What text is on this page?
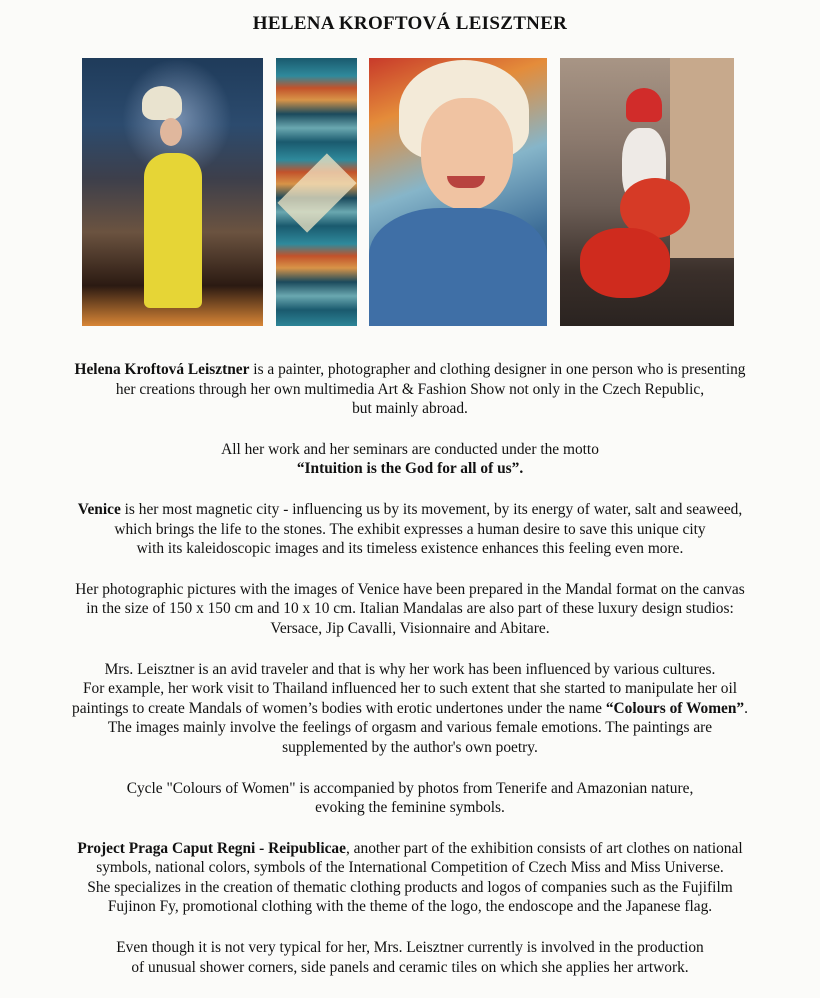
HELENA KROFTOVÁ LEISZTNER

Helena Kroftová Leisztner is a painter, photographer and clothing designer in one person who is presenting
her creations through her own multimedia Art & Fashion Show not only in the Czech Republic,
but mainly abroad.

All her work and her seminars are conducted under the motto
“Intuition is the God for all of us”.

Venice is her most magnetic city - influencing us by its movement, by its energy of water, salt and seaweed,
which brings the life to the stones. The exhibit expresses a human desire to save this unique city
with its kaleidoscopic images and its timeless existence enhances this feeling even more.

Her photographic pictures with the images of Venice have been prepared in the Mandal format on the canvas
in the size of 150 x 150 cm and 10 x 10 cm. Italian Mandalas are also part of these luxury design studios:
Versace, Jip Cavalli, Visionnaire and Abitare.

Mrs. Leisztner is an avid traveler and that is why her work has been influenced by various cultures.
For example, her work visit to Thailand influenced her to such extent that she started to manipulate her oil
paintings to create Mandals of women’s bodies with erotic undertones under the name “Colours of Women”.
The images mainly involve the feelings of orgasm and various female emotions. The paintings are
supplemented by the author's own poetry.

Cycle "Colours of Women" is accompanied by photos from Tenerife and Amazonian nature,
evoking the feminine symbols.

Project Praga Caput Regni - Reipublicae, another part of the exhibition consists of art clothes on national
symbols, national colors, symbols of the International Competition of Czech Miss and Miss Universe.
She specializes in the creation of thematic clothing products and logos of companies such as the Fujifilm
Fujinon Fy, promotional clothing with the theme of the logo, the endoscope and the Japanese flag.

Even though it is not very typical for her, Mrs. Leisztner currently is involved in the production
of unusual shower corners, side panels and ceramic tiles on which she applies her artwork.
